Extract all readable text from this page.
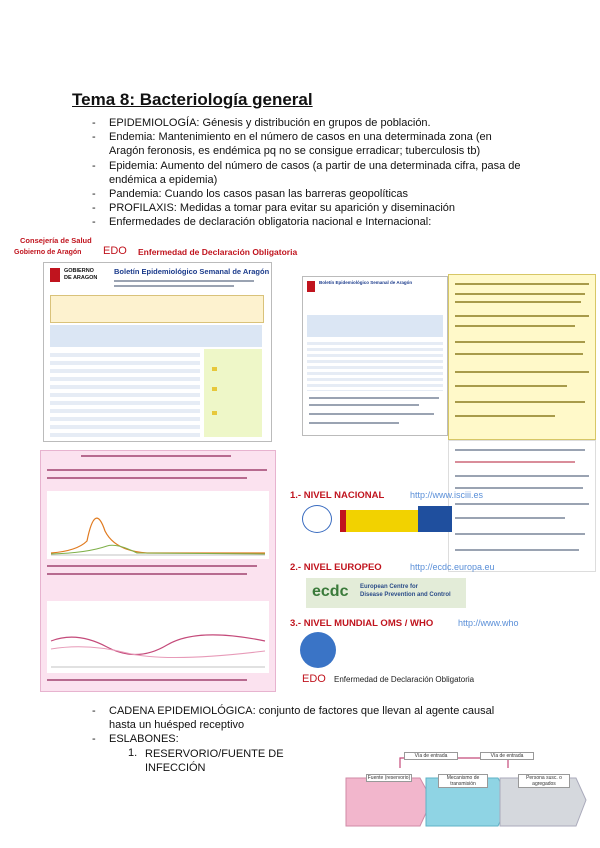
Tema 8: Bacteriología general
- EPIDEMIOLOGÍA: Génesis y distribución en grupos de población.
- Endemia: Mantenimiento en el número de casos en una determinada zona (en Aragón feronosis, es endémica pq no se consigue erradicar; tuberculosis tb)
- Epidemia: Aumento del número de casos (a partir de una determinada cifra, pasa de endémica a epidemia)
- Pandemia: Cuando los casos pasan las barreras geopolíticas
- PROFILAXIS: Medidas a tomar para evitar su aparición y diseminación
- Enfermedades de declaración obligatoria nacional e Internacional:
Consejería de Salud
Gobierno de Aragón EDO Enfermedad de Declaración Obligatoria
GOBIERNO
DE ARAGON
Boletín Epidemiológico Semanal de Aragón
Boletín Epidemiológico Semanal de Aragón
1.- NIVEL NACIONAL	http://www.isciii.es
2.- NIVEL EUROPEO	http://ecdc.europa.eu
ecdc European Centre for
Disease Prevention and Control
3.- NIVEL MUNDIAL OMS / WHO	http://www.who
EDO Enfermedad de Declaración Obligatoria
- CADENA EPIDEMIOLÓGICA: conjunto de factores que llevan al agente causal hasta un huésped receptivo
- ESLABONES:
1. RESERVORIO/FUENTE DE INFECCIÓN
Vía de entrada	Vía de entrada
Fuente (reservorio)	Mecanismo de transmisión
Persona susc. o agregados
